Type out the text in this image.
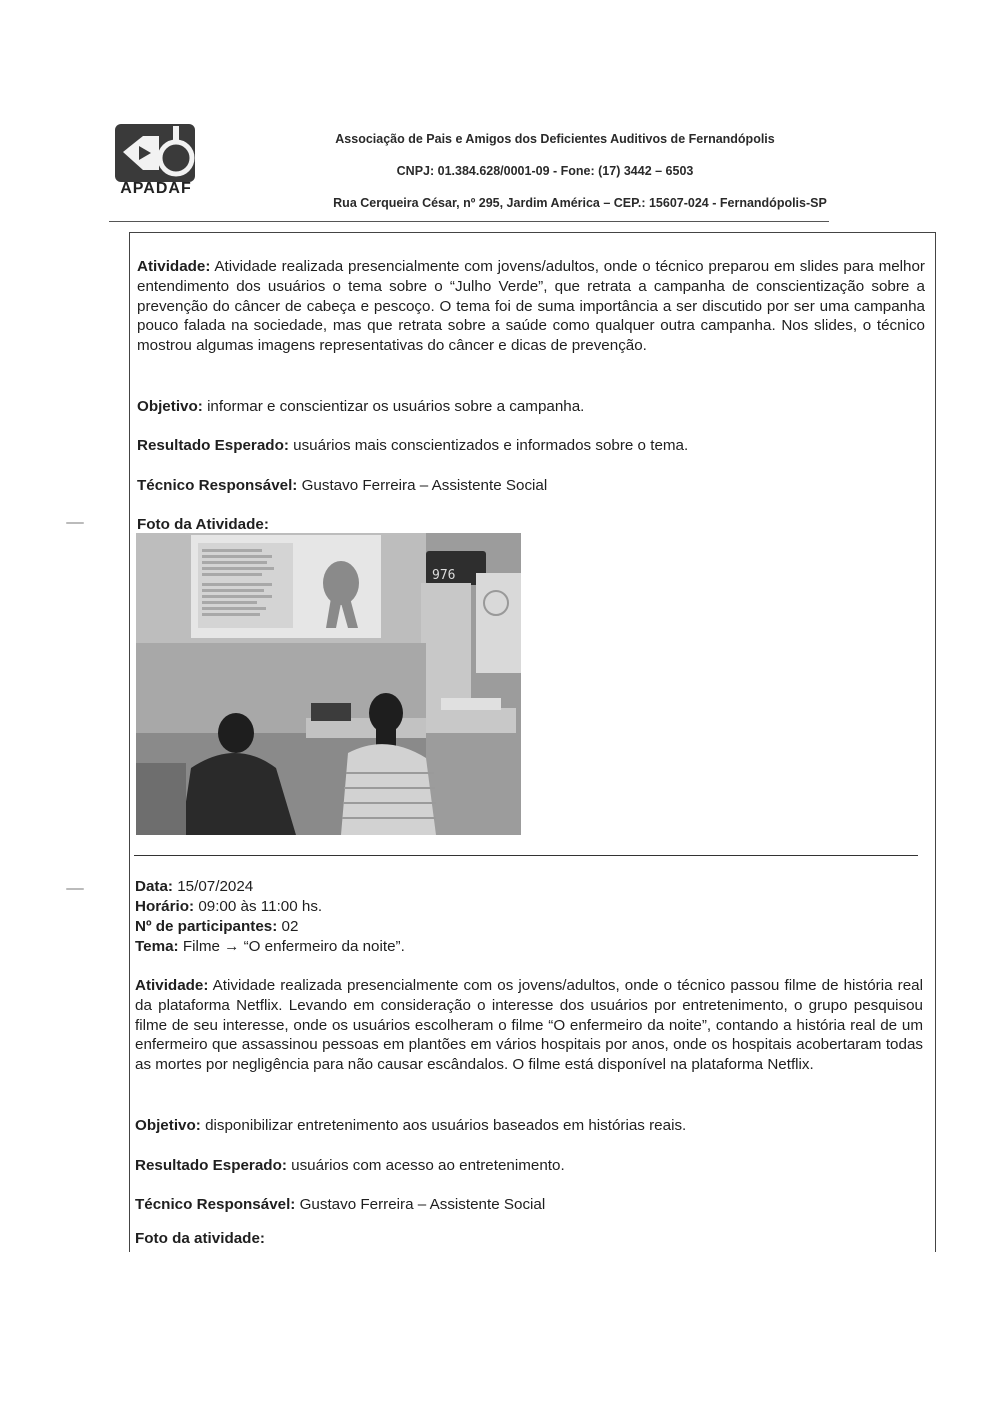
APADAF
Associação de Pais e Amigos dos Deficientes Auditivos de Fernandópolis
CNPJ: 01.384.628/0001-09 - Fone: (17) 3442 – 6503
Rua Cerqueira César, nº 295, Jardim América – CEP.: 15607-024 - Fernandópolis-SP
Atividade: Atividade realizada presencialmente com jovens/adultos, onde o técnico preparou em slides para melhor entendimento dos usuários o tema sobre o “Julho Verde”, que retrata a campanha de conscientização sobre a prevenção do câncer de cabeça e pescoço. O tema foi de suma importância a ser discutido por ser uma campanha pouco falada na sociedade, mas que retrata sobre a saúde como qualquer outra campanha. Nos slides, o técnico mostrou algumas imagens representativas do câncer e dicas de prevenção.
Objetivo: informar e conscientizar os usuários sobre a campanha.
Resultado Esperado: usuários mais conscientizados e informados sobre o tema.
Técnico Responsável: Gustavo Ferreira – Assistente Social
Foto da Atividade:
976
Data: 15/07/2024
Horário: 09:00 às 11:00 hs.
Nº de participantes: 02
Tema: Filme → “O enfermeiro da noite”.
Atividade: Atividade realizada presencialmente com os jovens/adultos, onde o técnico passou filme de história real da plataforma Netflix. Levando em consideração o interesse dos usuários por entretenimento, o grupo pesquisou filme de seu interesse, onde os usuários escolheram o filme “O enfermeiro da noite”, contando a história real de um enfermeiro que assassinou pessoas em plantões em vários hospitais por anos, onde os hospitais acobertaram todas as mortes por negligência para não causar escândalos. O filme está disponível na plataforma Netflix.
Objetivo: disponibilizar entretenimento aos usuários baseados em histórias reais.
Resultado Esperado: usuários com acesso ao entretenimento.
Técnico Responsável: Gustavo Ferreira – Assistente Social
Foto da atividade:
